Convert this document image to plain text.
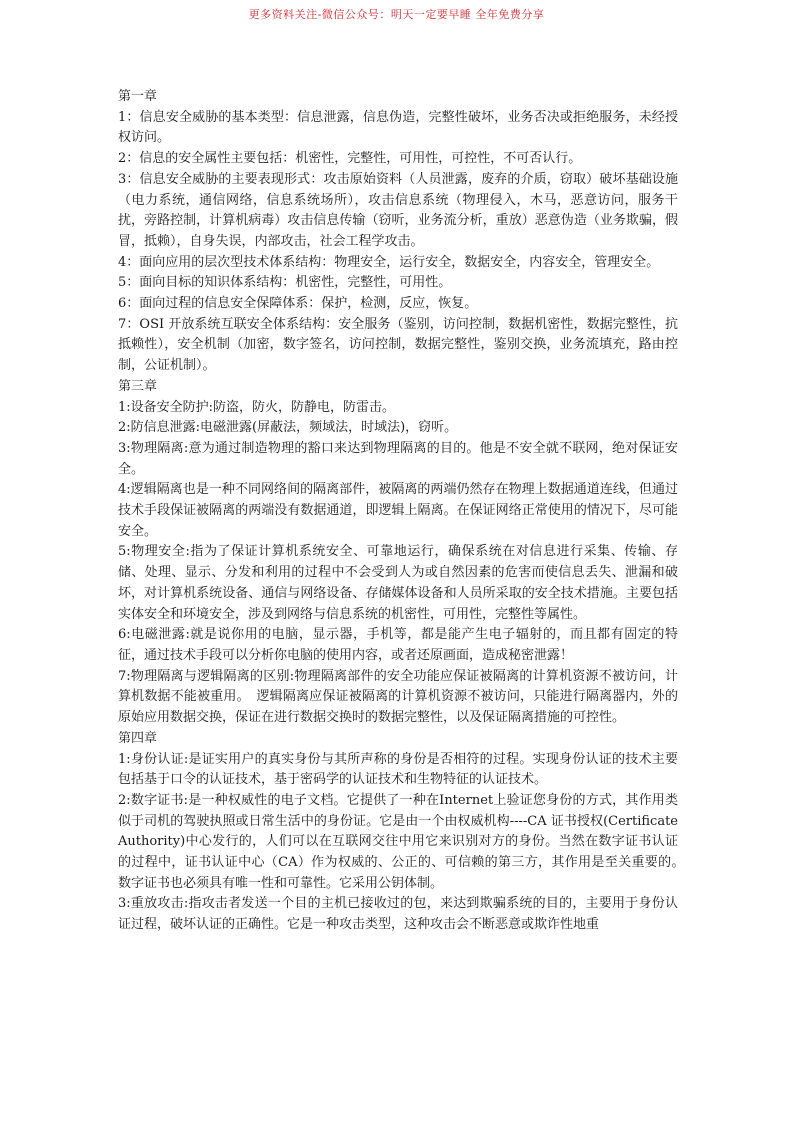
更多资料关注-微信公众号：明天一定要早睡 全年免费分享

第一章

1：信息安全威胁的基本类型：信息泄露，信息伪造，完整性破坏，业务否决或拒绝服务，未经授权访问。

2：信息的安全属性主要包括：机密性，完整性，可用性，可控性，不可否认行。

3：信息安全威胁的主要表现形式：攻击原始资料（人员泄露，废弃的介质，窃取）破坏基础设施（电力系统，通信网络，信息系统场所），攻击信息系统（物理侵入，木马，恶意访问，服务干扰，旁路控制，计算机病毒）攻击信息传输（窃听，业务流分析，重放）恶意伪造（业务欺骗，假冒，抵赖），自身失误，内部攻击，社会工程学攻击。

4：面向应用的层次型技术体系结构：物理安全，运行安全，数据安全，内容安全，管理安全。

5：面向目标的知识体系结构：机密性，完整性，可用性。

6：面向过程的信息安全保障体系：保护，检测，反应，恢复。

7：OSI 开放系统互联安全体系结构：安全服务（鉴别，访问控制，数据机密性，数据完整性，抗抵赖性），安全机制（加密，数字签名，访问控制，数据完整性，鉴别交换，业务流填充，路由控制，公证机制）。

第三章

1:设备安全防护:防盗，防火，防静电，防雷击。

2:防信息泄露:电磁泄露(屏蔽法，频域法，时域法)，窃听。

3:物理隔离:意为通过制造物理的豁口来达到物理隔离的目的。他是不安全就不联网，绝对保证安全。

4:逻辑隔离也是一种不同网络间的隔离部件，被隔离的两端仍然存在物理上数据通道连线，但通过技术手段保证被隔离的两端没有数据通道，即逻辑上隔离。在保证网络正常使用的情况下，尽可能安全。

5:物理安全:指为了保证计算机系统安全、可靠地运行，确保系统在对信息进行采集、传输、存储、处理、显示、分发和利用的过程中不会受到人为或自然因素的危害而使信息丢失、泄漏和破坏，对计算机系统设备、通信与网络设备、存储媒体设备和人员所采取的安全技术措施。主要包括实体安全和环境安全，涉及到网络与信息系统的机密性，可用性，完整性等属性。

6:电磁泄露:就是说你用的电脑，显示器，手机等，都是能产生电子辐射的，而且都有固定的特征，通过技术手段可以分析你电脑的使用内容，或者还原画面，造成秘密泄露！

7:物理隔离与逻辑隔离的区别:物理隔离部件的安全功能应保证被隔离的计算机资源不被访问，计算机数据不能被重用。　逻辑隔离应保证被隔离的计算机资源不被访问，只能进行隔离器内，外的原始应用数据交换，保证在进行数据交换时的数据完整性，以及保证隔离措施的可控性。

第四章

1:身份认证:是证实用户的真实身份与其所声称的身份是否相符的过程。实现身份认证的技术主要包括基于口令的认证技术，基于密码学的认证技术和生物特征的认证技术。

2:数字证书:是一种权威性的电子文档。它提供了一种在Internet上验证您身份的方式，其作用类似于司机的驾驶执照或日常生活中的身份证。它是由一个由权威机构----CA 证书授权(Certificate Authority)中心发行的，人们可以在互联网交往中用它来识别对方的身份。当然在数字证书认证的过程中，证书认证中心（CA）作为权威的、公正的、可信赖的第三方，其作用是至关重要的。　数字证书也必须具有唯一性和可靠性。它采用公钥体制。

3:重放攻击:指攻击者发送一个目的主机已接收过的包，来达到欺骗系统的目的，主要用于身份认证过程，破坏认证的正确性。它是一种攻击类型，这种攻击会不断恶意或欺诈性地重
